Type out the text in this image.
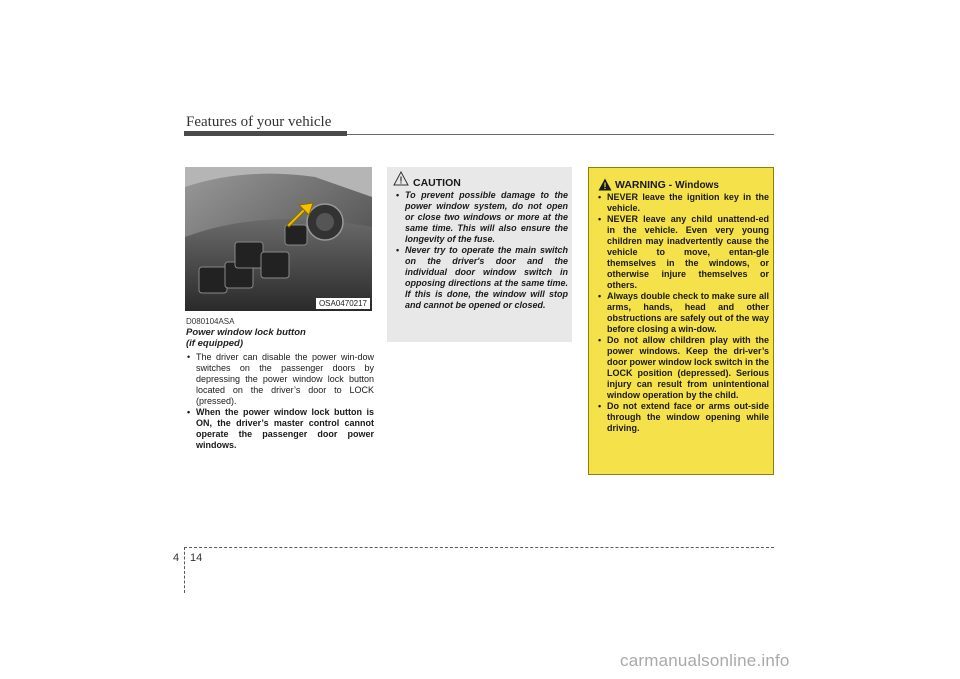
Features of your vehicle
OSA0470217
D080104ASA
Power window lock button
(if equipped)
• The driver can disable the power win-dow switches on the passenger doors by depressing the power window lock button located on the driver’s door to LOCK (pressed).
• When the power window lock button is ON, the driver’s master control cannot operate the passenger door power windows.
CAUTION
• To prevent possible damage to the power window system, do not open or close two windows or more at the same time. This will also ensure the longevity of the fuse.
• Never try to operate the main switch on the driver's door and the individual door window switch in opposing directions at the same time. If this is done, the window will stop and cannot be opened or closed.
WARNING - Windows
• NEVER leave the ignition key in the vehicle.
• NEVER leave any child unattend-ed in the vehicle. Even very young children may inadvertently cause the vehicle to move, entan-gle themselves in the windows, or otherwise injure themselves or others.
• Always double check to make sure all arms, hands, head and other obstructions are safely out of the way before closing a win-dow.
• Do not allow children play with the power windows. Keep the dri-ver’s door power window lock switch in the LOCK position (depressed). Serious injury can result from unintentional window operation by the child.
• Do not extend face or arms out-side through the window opening while driving.
4 14
carmanualsonline.info
